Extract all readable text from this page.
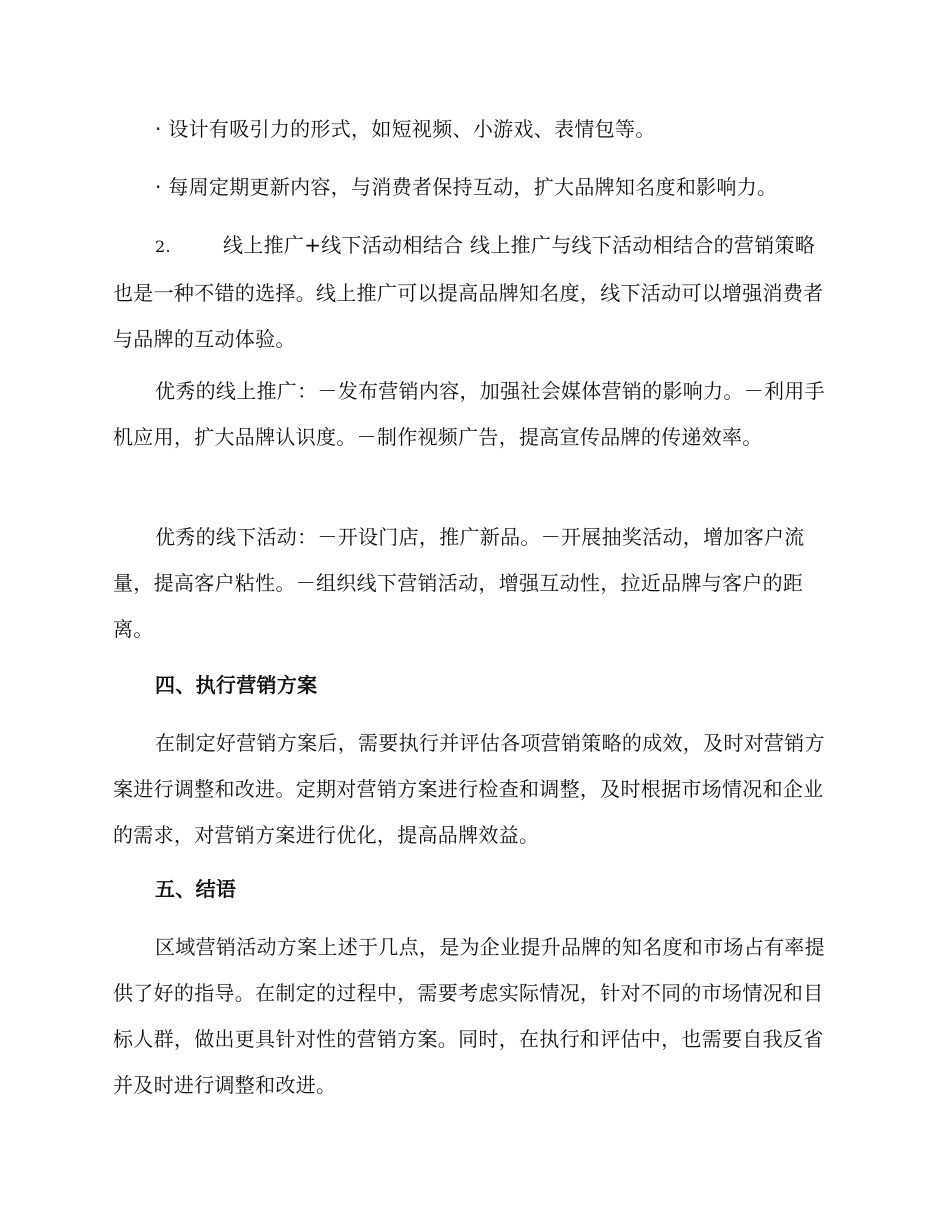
· 设计有吸引力的形式，如短视频、小游戏、表情包等。

· 每周定期更新内容，与消费者保持互动，扩大品牌知名度和影响力。

2.	线上推广+线下活动相结合 线上推广与线下活动相结合的营销策略也是一种不错的选择。线上推广可以提高品牌知名度，线下活动可以增强消费者与品牌的互动体验。

优秀的线上推广：－发布营销内容，加强社会媒体营销的影响力。－利用手机应用，扩大品牌认识度。－制作视频广告，提高宣传品牌的传递效率。

优秀的线下活动：－开设门店，推广新品。－开展抽奖活动，增加客户流量，提高客户粘性。－组织线下营销活动，增强互动性，拉近品牌与客户的距离。

四、执行营销方案

在制定好营销方案后，需要执行并评估各项营销策略的成效，及时对营销方案进行调整和改进。定期对营销方案进行检查和调整，及时根据市场情况和企业的需求，对营销方案进行优化，提高品牌效益。

五、结语

区域营销活动方案上述于几点，是为企业提升品牌的知名度和市场占有率提供了好的指导。在制定的过程中，需要考虑实际情况，针对不同的市场情况和目标人群，做出更具针对性的营销方案。同时，在执行和评估中，也需要自我反省并及时进行调整和改进。
